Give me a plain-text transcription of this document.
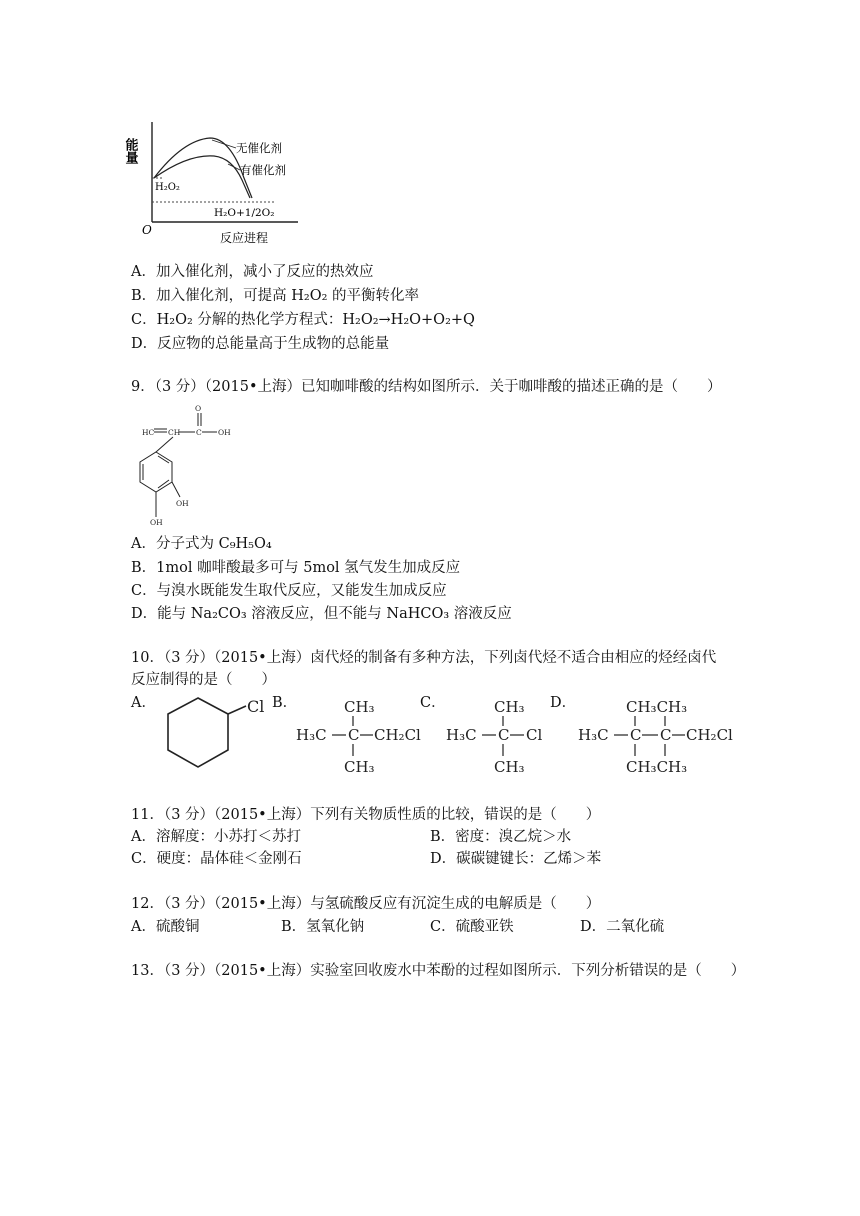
能量
O
反应进程
H₂O₂
无催化剂
有催化剂
H₂O+1/2O₂
A．加入催化剂，减小了反应的热效应
B．加入催化剂，可提高 H₂O₂ 的平衡转化率
C．H₂O₂ 分解的热化学方程式：H₂O₂→H₂O+O₂+Q
D．反应物的总能量高于生成物的总能量
9．（3 分）（2015•上海）已知咖啡酸的结构如图所示．关于咖啡酸的描述正确的是（　　）
HC CH C
O
OH
OH
OH
A．分子式为 C₉H₅O₄
B．1mol 咖啡酸最多可与 5mol 氢气发生加成反应
C．与溴水既能发生取代反应，又能发生加成反应
D．能与 Na₂CO₃ 溶液反应，但不能与 NaHCO₃ 溶液反应
10．（3 分）（2015•上海）卤代烃的制备有多种方法，下列卤代烃不适合由相应的烃经卤代
反应制得的是（　　）
A．	B．	C．	D．
Cl	CH₃
H₃C C CH₂Cl
CH₃
CH₃
H₃C C Cl
CH₃
CH₃CH₃
H₃C C C CH₂Cl
CH₃CH₃
11．（3 分）（2015•上海）下列有关物质性质的比较，错误的是（　　）
A．溶解度：小苏打＜苏打	B．密度：溴乙烷＞水
C．硬度：晶体硅＜金刚石	D．碳碳键键长：乙烯＞苯
12．（3 分）（2015•上海）与氢硫酸反应有沉淀生成的电解质是（　　）
A．硫酸铜	B．氢氧化钠	C．硫酸亚铁	D．二氧化硫
13．（3 分）（2015•上海）实验室回收废水中苯酚的过程如图所示．下列分析错误的是（　　）
